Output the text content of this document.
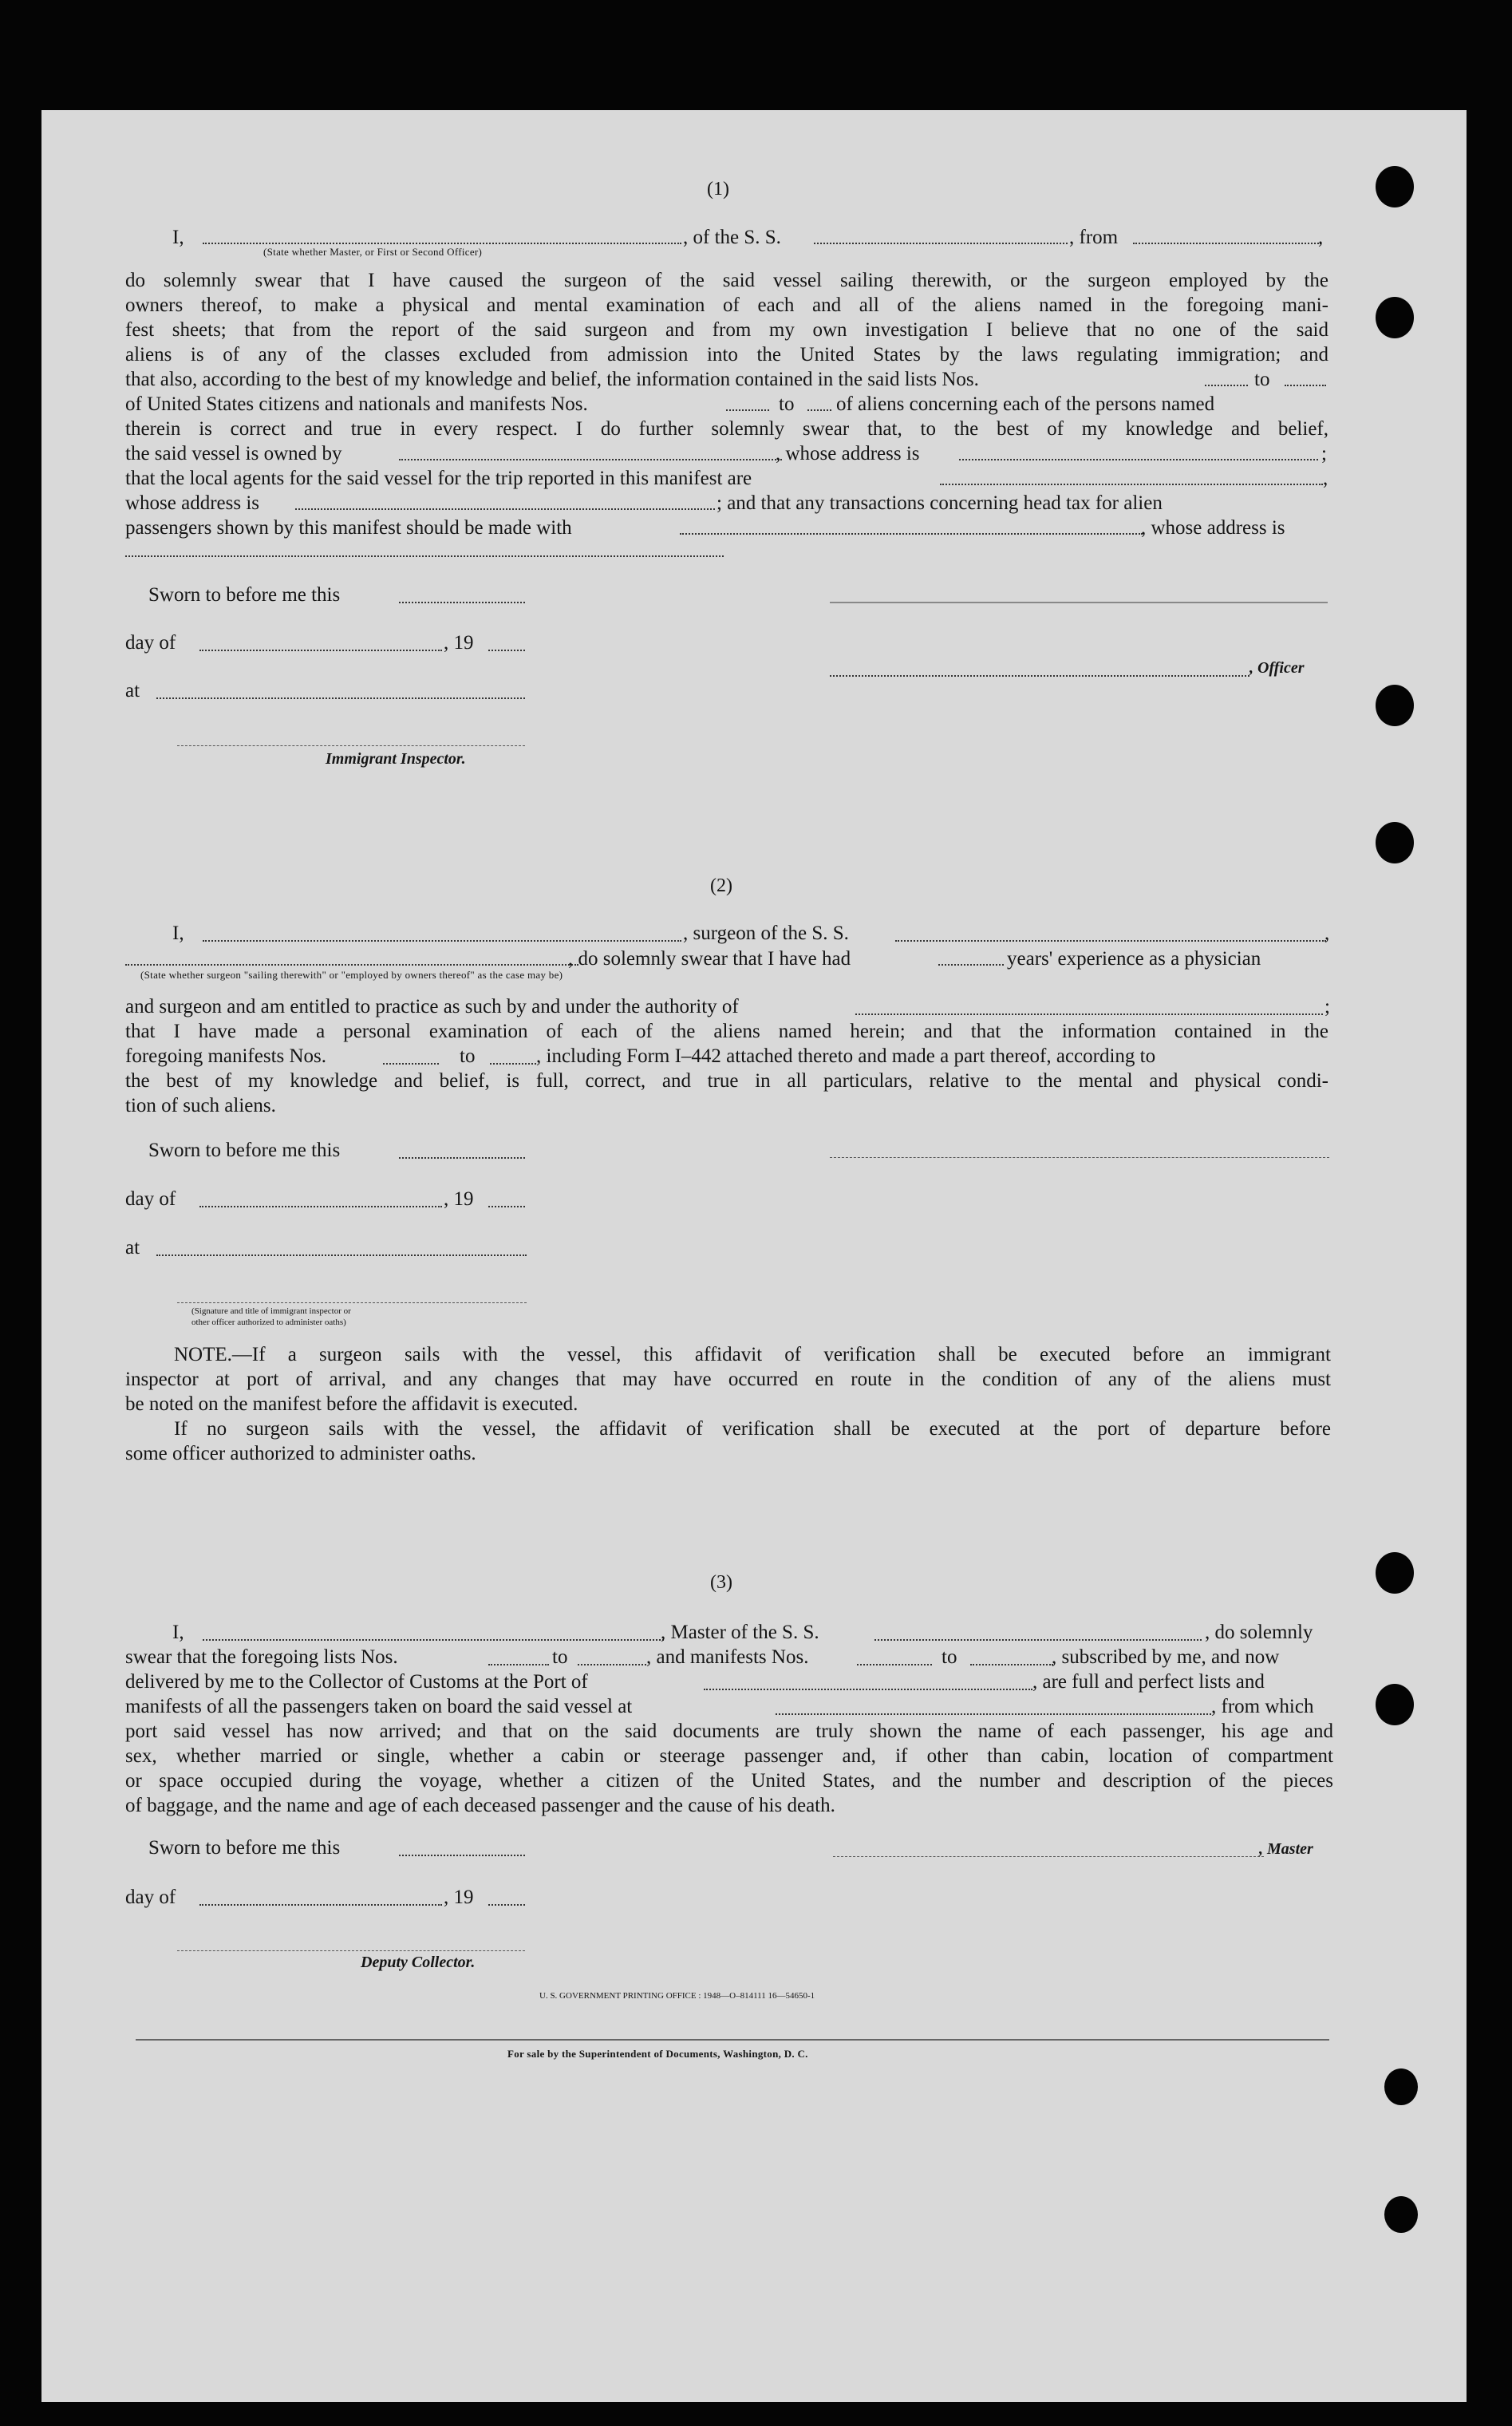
(1)
I,	, of the S. S.	, from	,
(State whether Master, or First or Second Officer)
do solemnly swear that I have caused the surgeon of the said vessel sailing therewith, or the surgeon employed by the
owners thereof, to make a physical and mental examination of each and all of the aliens named in the foregoing mani-
fest sheets; that from the report of the said surgeon and from my own investigation I believe that no one of the said
aliens is of any of the classes excluded from admission into the United States by the laws regulating immigration; and
that also, according to the best of my knowledge and belief, the information contained in the said lists Nos.	to
of United States citizens and nationals and manifests Nos.	to of aliens concerning each of the persons named
therein is correct and true in every respect. I do further solemnly swear that, to the best of my knowledge and belief,
the said vessel is owned by	, whose address is	;
that the local agents for the said vessel for the trip reported in this manifest are	,
whose address is	; and that any transactions concerning head tax for alien
passengers shown by this manifest should be made with	, whose address is
Sworn to before me this
day of	, 19
, Officer
at
Immigrant Inspector.
(2)
I,	, surgeon of the S. S.	,
, do solemnly swear that I have had	years' experience as a physician
(State whether surgeon "sailing therewith" or "employed by owners thereof" as the case may be)
and surgeon and am entitled to practice as such by and under the authority of	;
that I have made a personal examination of each of the aliens named herein; and that the information contained in the
foregoing manifests Nos.	to	, including Form I–442 attached thereto and made a part thereof, according to
the best of my knowledge and belief, is full, correct, and true in all particulars, relative to the mental and physical condi-
tion of such aliens.
Sworn to before me this
day of	, 19
at
(Signature and title of immigrant inspector or
other officer authorized to administer oaths)
NOTE.—If a surgeon sails with the vessel, this affidavit of verification shall be executed before an immigrant
inspector at port of arrival, and any changes that may have occurred en route in the condition of any of the aliens must
be noted on the manifest before the affidavit is executed.
If no surgeon sails with the vessel, the affidavit of verification shall be executed at the port of departure before
some officer authorized to administer oaths.
(3)
I,	, Master of the S. S.	, do solemnly
swear that the foregoing lists Nos.	to	, and manifests Nos.	to	, subscribed by me, and now
delivered by me to the Collector of Customs at the Port of	, are full and perfect lists and
manifests of all the passengers taken on board the said vessel at	, from which
port said vessel has now arrived; and that on the said documents are truly shown the name of each passenger, his age and
sex, whether married or single, whether a cabin or steerage passenger and, if other than cabin, location of compartment
or space occupied during the voyage, whether a citizen of the United States, and the number and description of the pieces
of baggage, and the name and age of each deceased passenger and the cause of his death.
Sworn to before me this	, Master
day of	, 19
Deputy Collector.
U. S. GOVERNMENT PRINTING OFFICE : 1948—O–814111 16—54650-1
For sale by the Superintendent of Documents, Washington, D. C.
